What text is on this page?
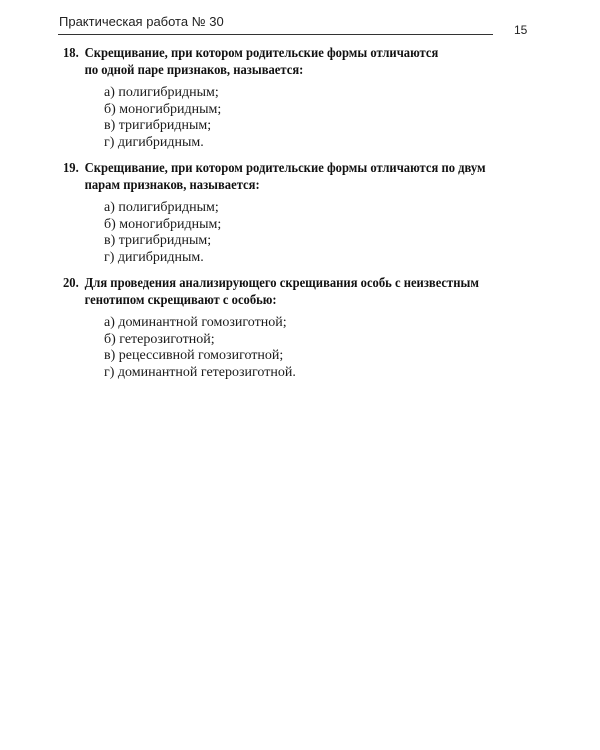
Практическая работа № 30
15
18. Скрещивание, при котором родительские формы отличаются
по одной паре признаков, называется:
а) полигибридным;
б) моногибридным;
в) тригибридным;
г) дигибридным.
19. Скрещивание, при котором родительские формы отличаются по двум
парам признаков, называется:
а) полигибридным;
б) моногибридным;
в) тригибридным;
г) дигибридным.
20. Для проведения анализирующего скрещивания особь с неизвестным
генотипом скрещивают с особью:
а) доминантной гомозиготной;
б) гетерозиготной;
в) рецессивной гомозиготной;
г) доминантной гетерозиготной.
